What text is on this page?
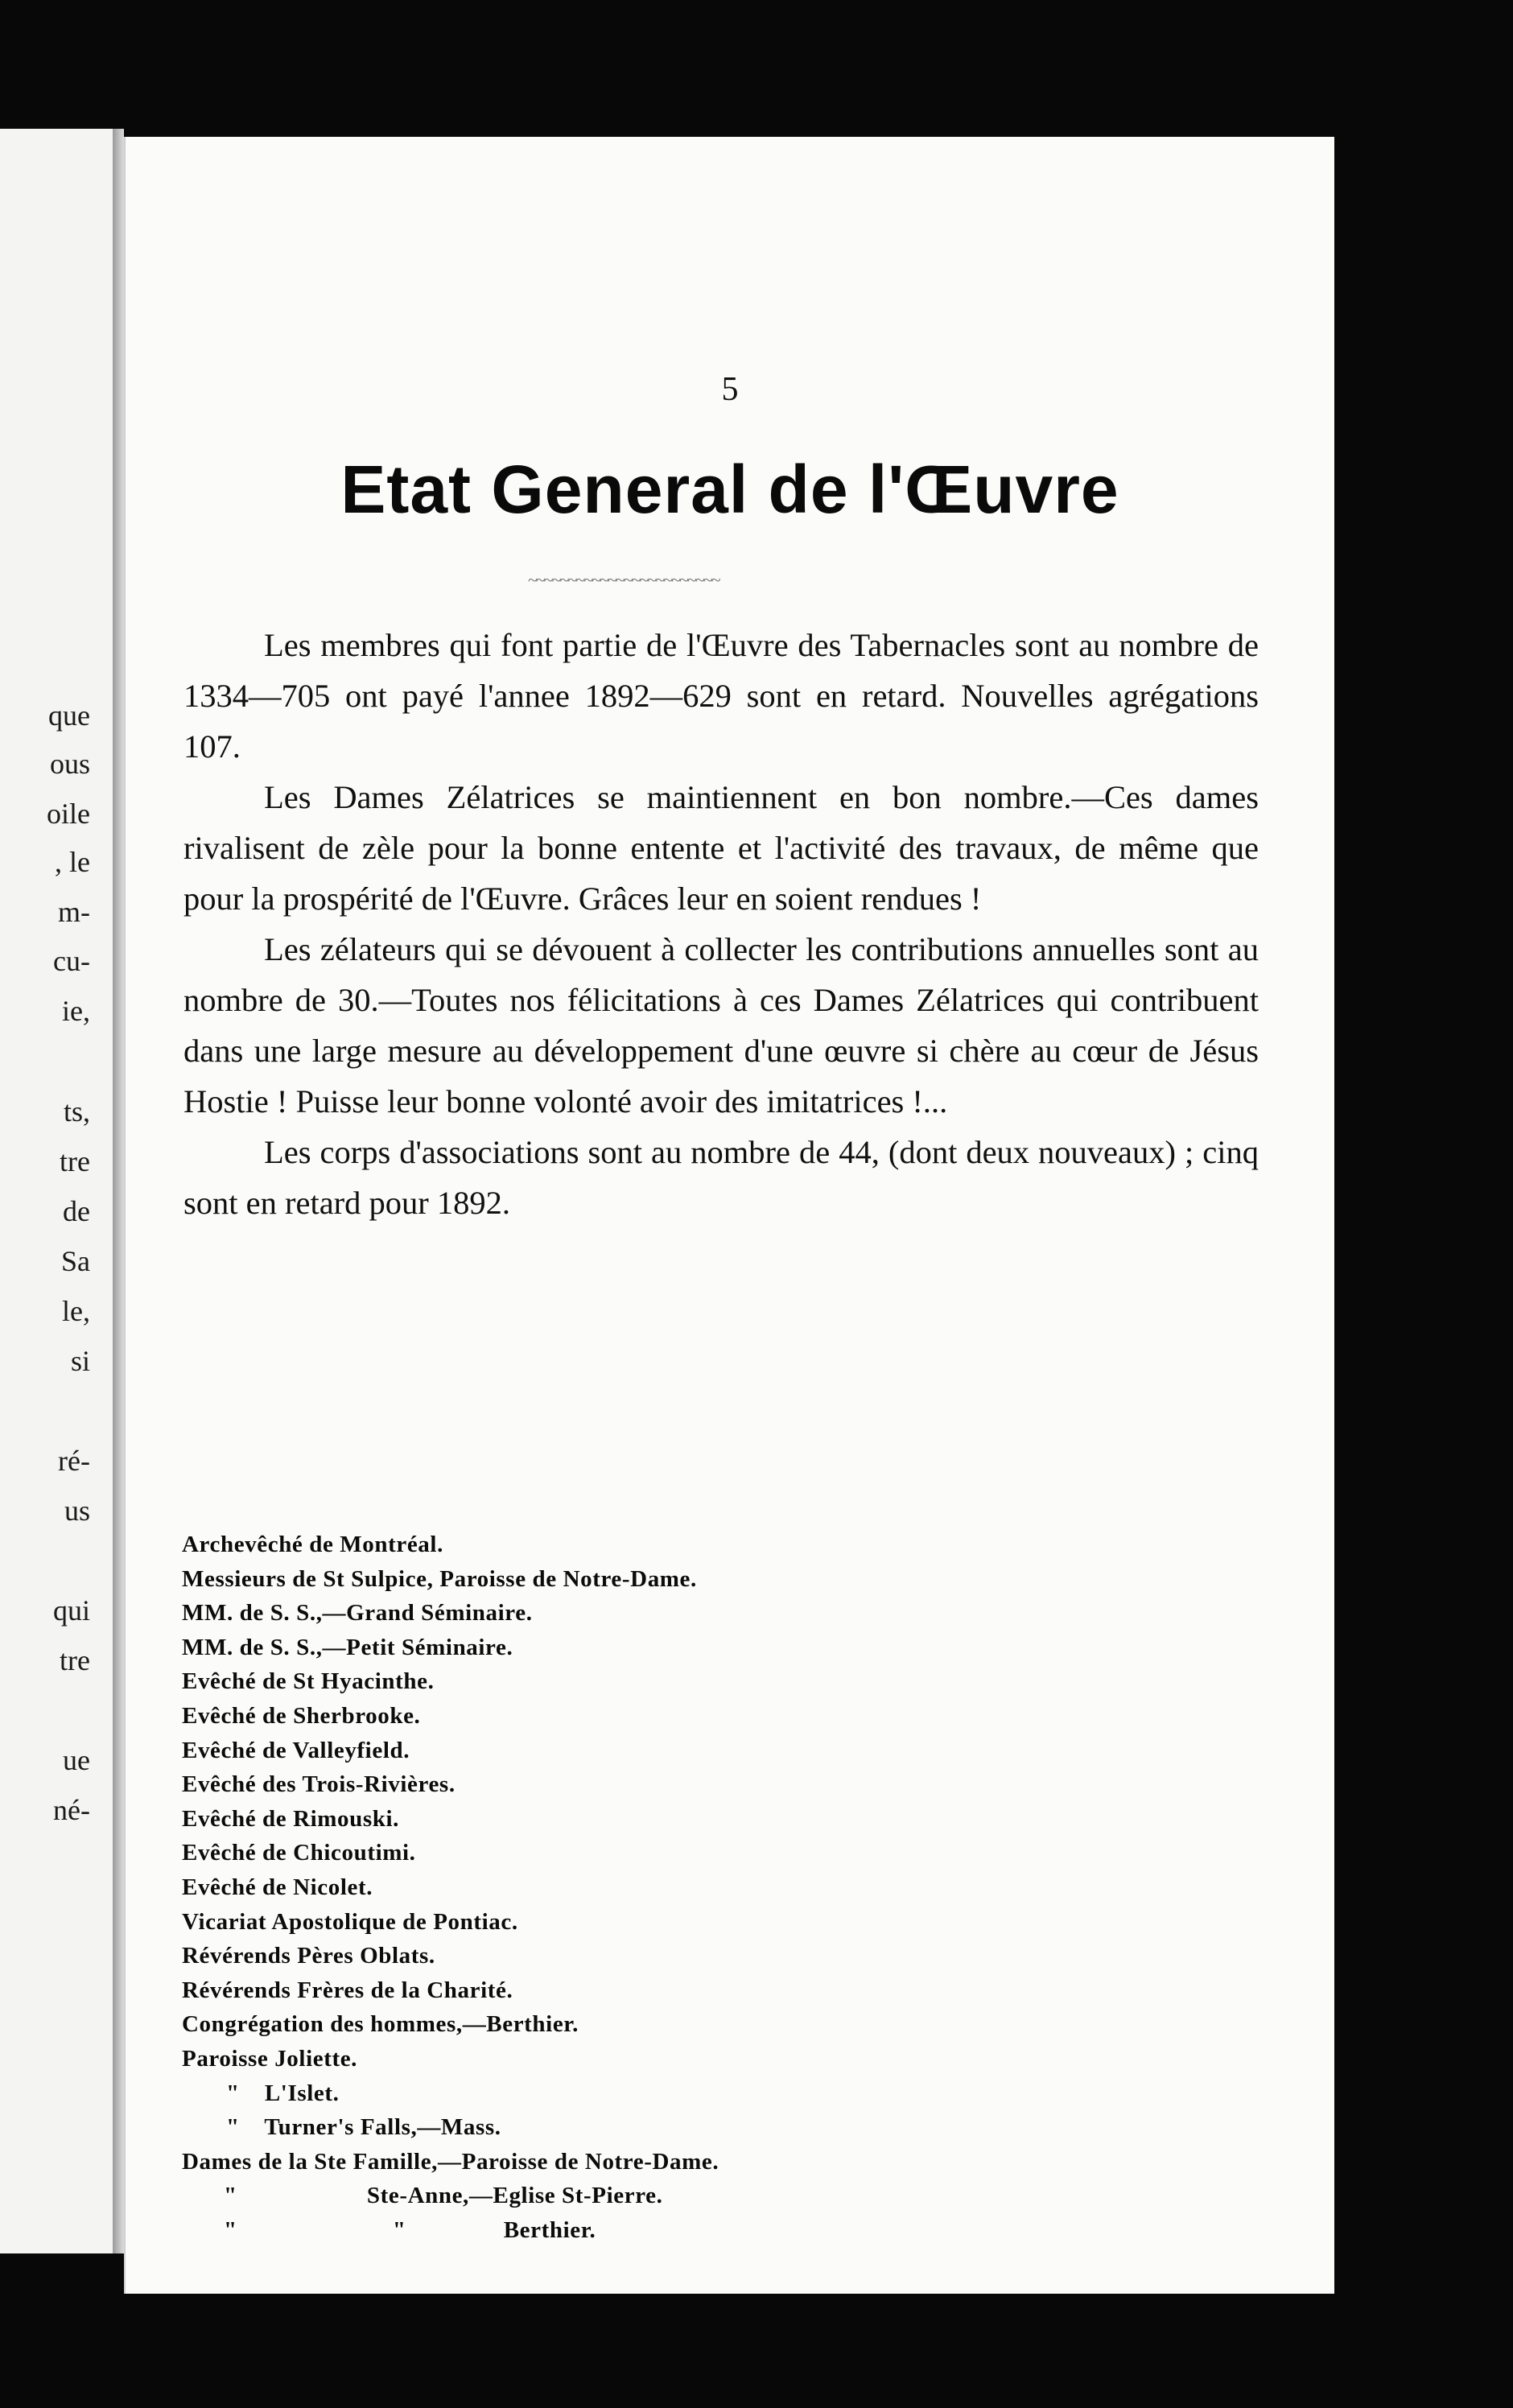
que
ous
oile
, le
m-
cu-
ie,
ts,
tre
de
Sa
le,
si
ré-
us
qui
tre
ue
né-
5
Etat General de l'Œuvre
~~~~~~~~~~~~~~~~~~~~~~~~

Les membres qui font partie de l'Œuvre des Tabernacles sont au nombre de 1334—705 ont payé l'annee 1892—629 sont en retard. Nouvelles agrégations 107.

Les Dames Zélatrices se maintiennent en bon nombre.—Ces dames rivalisent de zèle pour la bonne entente et l'activité des travaux, de même que pour la prospérité de l'Œuvre. Grâces leur en soient rendues !

Les zélateurs qui se dévouent à collecter les contributions annuelles sont au nombre de 30.—Toutes nos félicitations à ces Dames Zélatrices qui contribuent dans une large mesure au développement d'une œuvre si chère au cœur de Jésus Hostie ! Puisse leur bonne volonté avoir des imitatrices !...

Les corps d'associations sont au nombre de 44, (dont deux nouveaux) ; cinq sont en retard pour 1892.

Archevêché de Montréal.
Messieurs de St Sulpice, Paroisse de Notre-Dame.
MM. de S. S.,—Grand Séminaire.
MM. de S. S.,—Petit Séminaire.
Evêché de St Hyacinthe.
Evêché de Sherbrooke.
Evêché de Valleyfield.
Evêché des Trois-Rivières.
Evêché de Rimouski.
Evêché de Chicoutimi.
Evêché de Nicolet.
Vicariat Apostolique de Pontiac.
Révérends Pères Oblats.
Révérends Frères de la Charité.
Congrégation des hommes,—Berthier.
Paroisse Joliette.
" L'Islet.
" Turner's Falls,—Mass.
Dames de la Ste Famille,—Paroisse de Notre-Dame.
"	Ste-Anne,—Eglise St-Pierre.
"	"	Berthier.
